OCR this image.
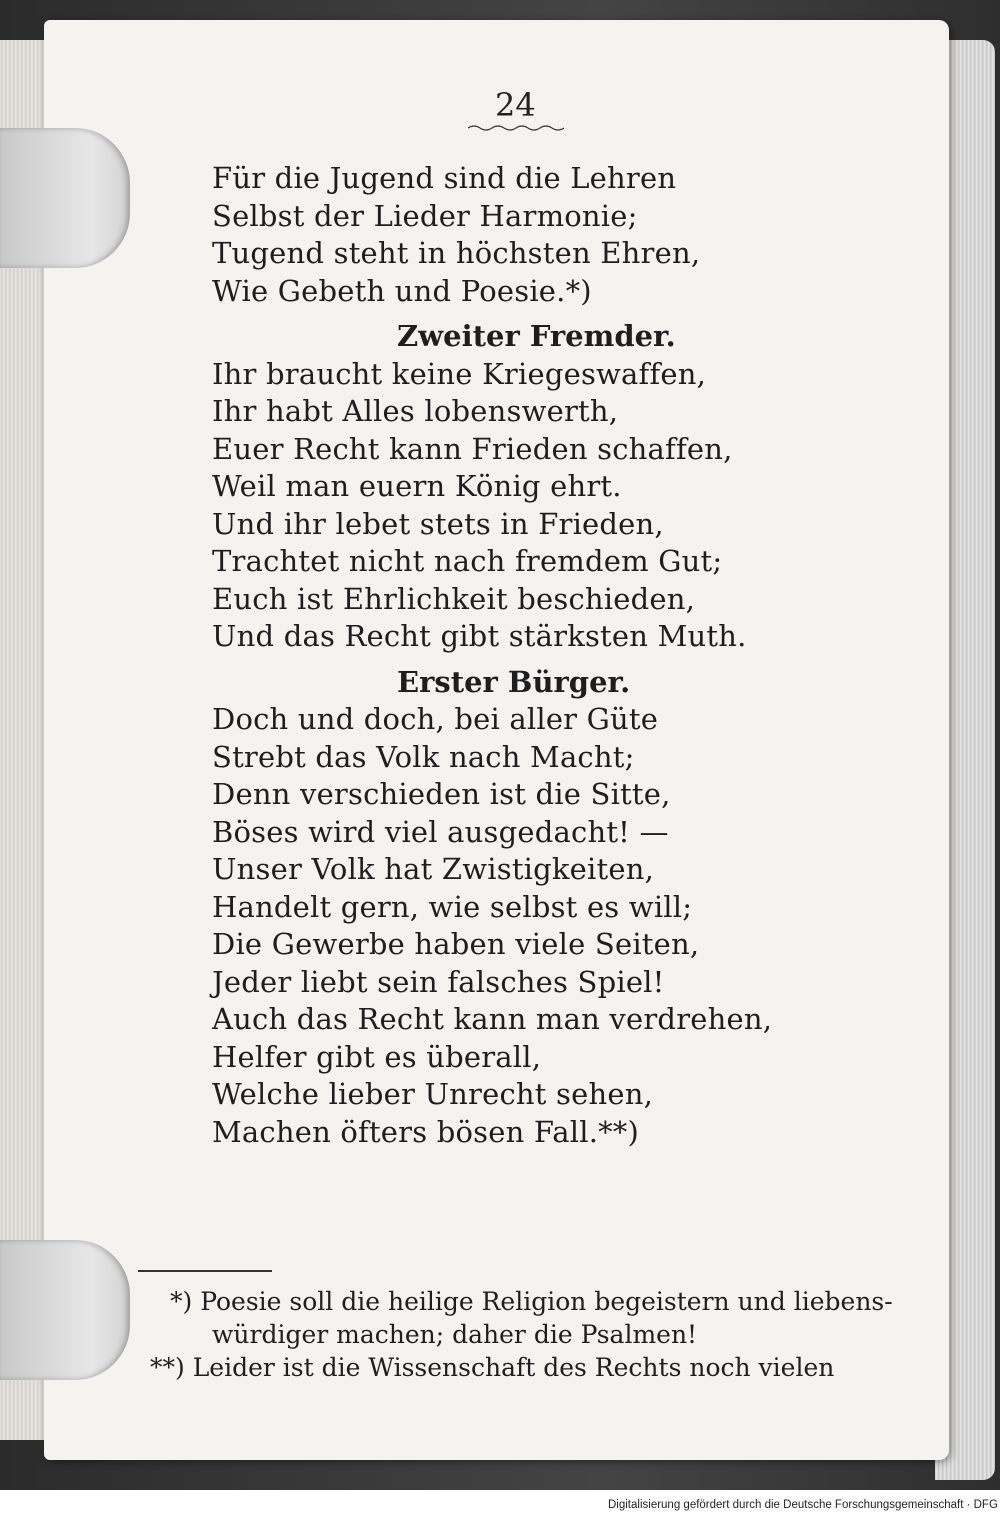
24
Für die Jugend sind die Lehren
Selbst der Lieder Harmonie;
Tugend steht in höchsten Ehren,
Wie Gebeth und Poesie.*)
Zweiter Fremder.
Ihr braucht keine Kriegeswaffen,
Ihr habt Alles lobenswerth,
Euer Recht kann Frieden schaffen,
Weil man euern König ehrt.
Und ihr lebet stets in Frieden,
Trachtet nicht nach fremdem Gut;
Euch ist Ehrlichkeit beschieden,
Und das Recht gibt stärksten Muth.
Erster Bürger.
Doch und doch, bei aller Güte
Strebt das Volk nach Macht;
Denn verschieden ist die Sitte,
Böses wird viel ausgedacht! —
Unser Volk hat Zwistigkeiten,
Handelt gern, wie selbst es will;
Die Gewerbe haben viele Seiten,
Jeder liebt sein falsches Spiel!
Auch das Recht kann man verdrehen,
Helfer gibt es überall,
Welche lieber Unrecht sehen,
Machen öfters bösen Fall.**)
*) Poesie soll die heilige Religion begeistern und liebens-
würdiger machen; daher die Psalmen!
**) Leider ist die Wissenschaft des Rechts noch vielen
Digitalisierung gefördert durch die Deutsche Forschungsgemeinschaft · DFG
